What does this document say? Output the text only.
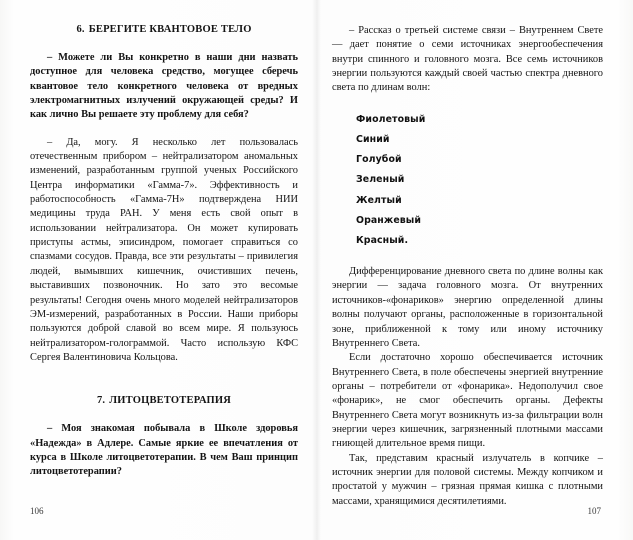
6. БЕРЕГИТЕ КВАНТОВОЕ ТЕЛО

– Можете ли Вы конкретно в наши дни назвать доступное для человека средство, могущее сберечь квантовое тело конкретного человека от вредных электромагнитных излучений окружающей среды? И как лично Вы решаете эту проблему для себя?

– Да, могу. Я несколько лет пользовалась отечественным прибором – нейтрализатором аномальных изменений, разработанным группой ученых Российского Центра информатики «Гамма-7». Эффективность и работоспособность «Гамма-7Н» подтверждена НИИ медицины труда РАН. У меня есть свой опыт в использовании нейтрализатора. Он может купировать приступы астмы, эписиндром, помогает справиться со спазмами сосудов. Правда, все эти результаты – привилегия людей, вымывших кишечник, очистивших печень, выставивших позвоночник. Но зато это весомые результаты! Сегодня очень много моделей нейтрализаторов ЭМ-измерений, разработанных в России. Наши приборы пользуются доброй славой во всем мире. Я пользуюсь нейтрализатором-голограммой. Часто использую КФС Сергея Валентиновича Кольцова.

7. ЛИТОЦВЕТОТЕРАПИЯ

– Моя знакомая побывала в Школе здоровья «Надежда» в Адлере. Самые яркие ее впечатления от курса в Школе литоцветотерапии. В чем Ваш принцип литоцветотерапии?

106

– Рассказ о третьей системе связи – Внутреннем Свете — дает понятие о семи источниках энергообеспечения внутри спинного и головного мозга. Все семь источников энергии пользуются каждый своей частью спектра дневного света по длинам волн:

Фиолетовый
Синий
Голубой
Зеленый
Желтый
Оранжевый
Красный.

Дифференцирование дневного света по длине волны как энергии — задача головного мозга. От внутренних источников-«фонариков» энергию определенной длины волны получают органы, расположенные в горизонтальной зоне, приближенной к тому или иному источнику Внутреннего Света.

Если достаточно хорошо обеспечивается источник Внутреннего Света, в поле обеспечены энергией внутренние органы – потребители от «фонарика». Недополучил свое «фонарик», не смог обеспечить органы. Дефекты Внутреннего Света могут возникнуть из-за фильтрации волн энергии через кишечник, загрязненный плотными массами гниющей длительное время пищи.

Так, представим красный излучатель в копчике – источник энергии для половой системы. Между копчиком и простатой у мужчин – грязная прямая кишка с плотными массами, хранящимися десятилетиями.

107
